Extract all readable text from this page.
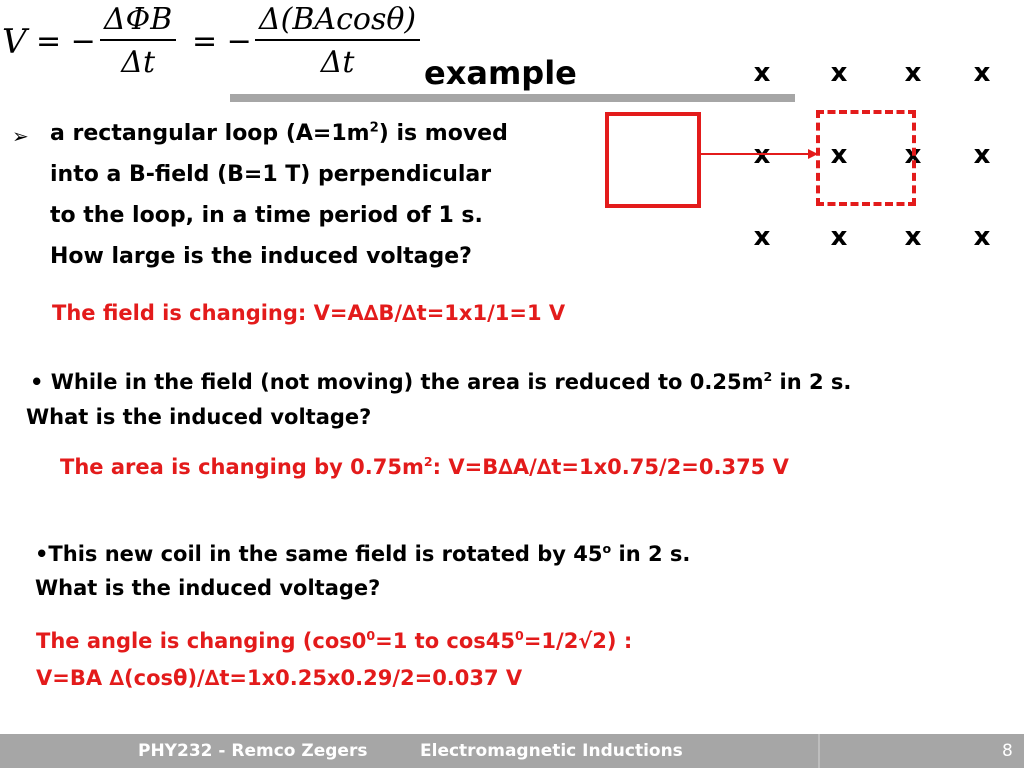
V = −
ΔΦB
Δt
= − $\frac{\Delta(BAcos\theta)}{\Delta t}$ example	x x x x
x x x x
x x x x
➢ a rectangular loop $(A=1m^2)$ is moved
into a B-field (B=1 T) perpendicular
to the loop, in a time period of 1 s.
How large is the induced voltage?
The field is changing: V=A∆B/∆t=1x1/1=1 V
• While in the field (not moving) the area is reduced to $0.25m^2$ in 2 s.
What is the induced voltage?
The area is changing by $0.75m^2$: V=B∆A/∆t=1x0.75/2=0.375 V
•This new coil in the same field is rotated by 45$^o$ in 2 s.
What is the induced voltage?
The angle is changing ($\cos 0^0=1$ to $\cos 45^0=1/2√2$) :
V=BA ∆(cosθ)/∆t=1x0.25x0.29/2=0.037 V
PHY232 - Remco Zegers	Electromagnetic Inductions	8
